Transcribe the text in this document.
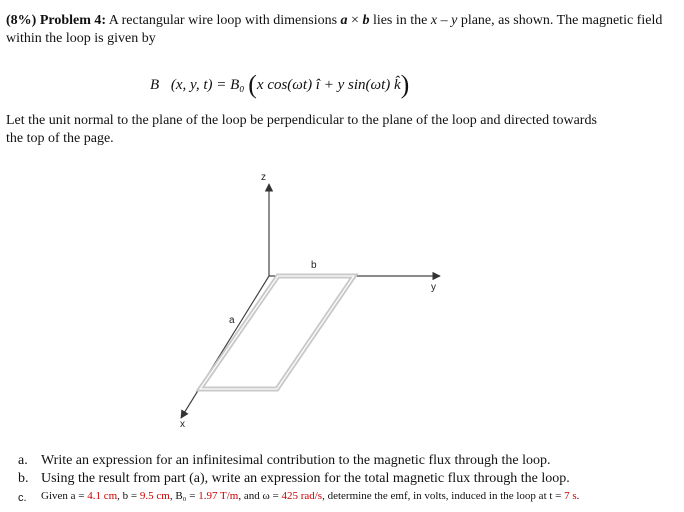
(8%) Problem 4: A rectangular wire loop with dimensions a × b lies in the x – y plane, as shown. The magnetic field within the loop is given by
B⃗(x, y, t) = B₀ (x cos(ωt) î + y sin(ωt) k̂)
Let the unit normal to the plane of the loop be perpendicular to the plane of the loop and directed towards the top of the page.
z
y
x
a
b
a. Write an expression for an infinitesimal contribution to the magnetic flux through the loop.
b. Using the result from part (a), write an expression for the total magnetic flux through the loop.
c.	Given a = 4.1 cm, b = 9.5 cm, B₀ = 1.97 T/m, and ω = 425 rad/s, determine the emf, in volts, induced in the loop at t = 7 s.
